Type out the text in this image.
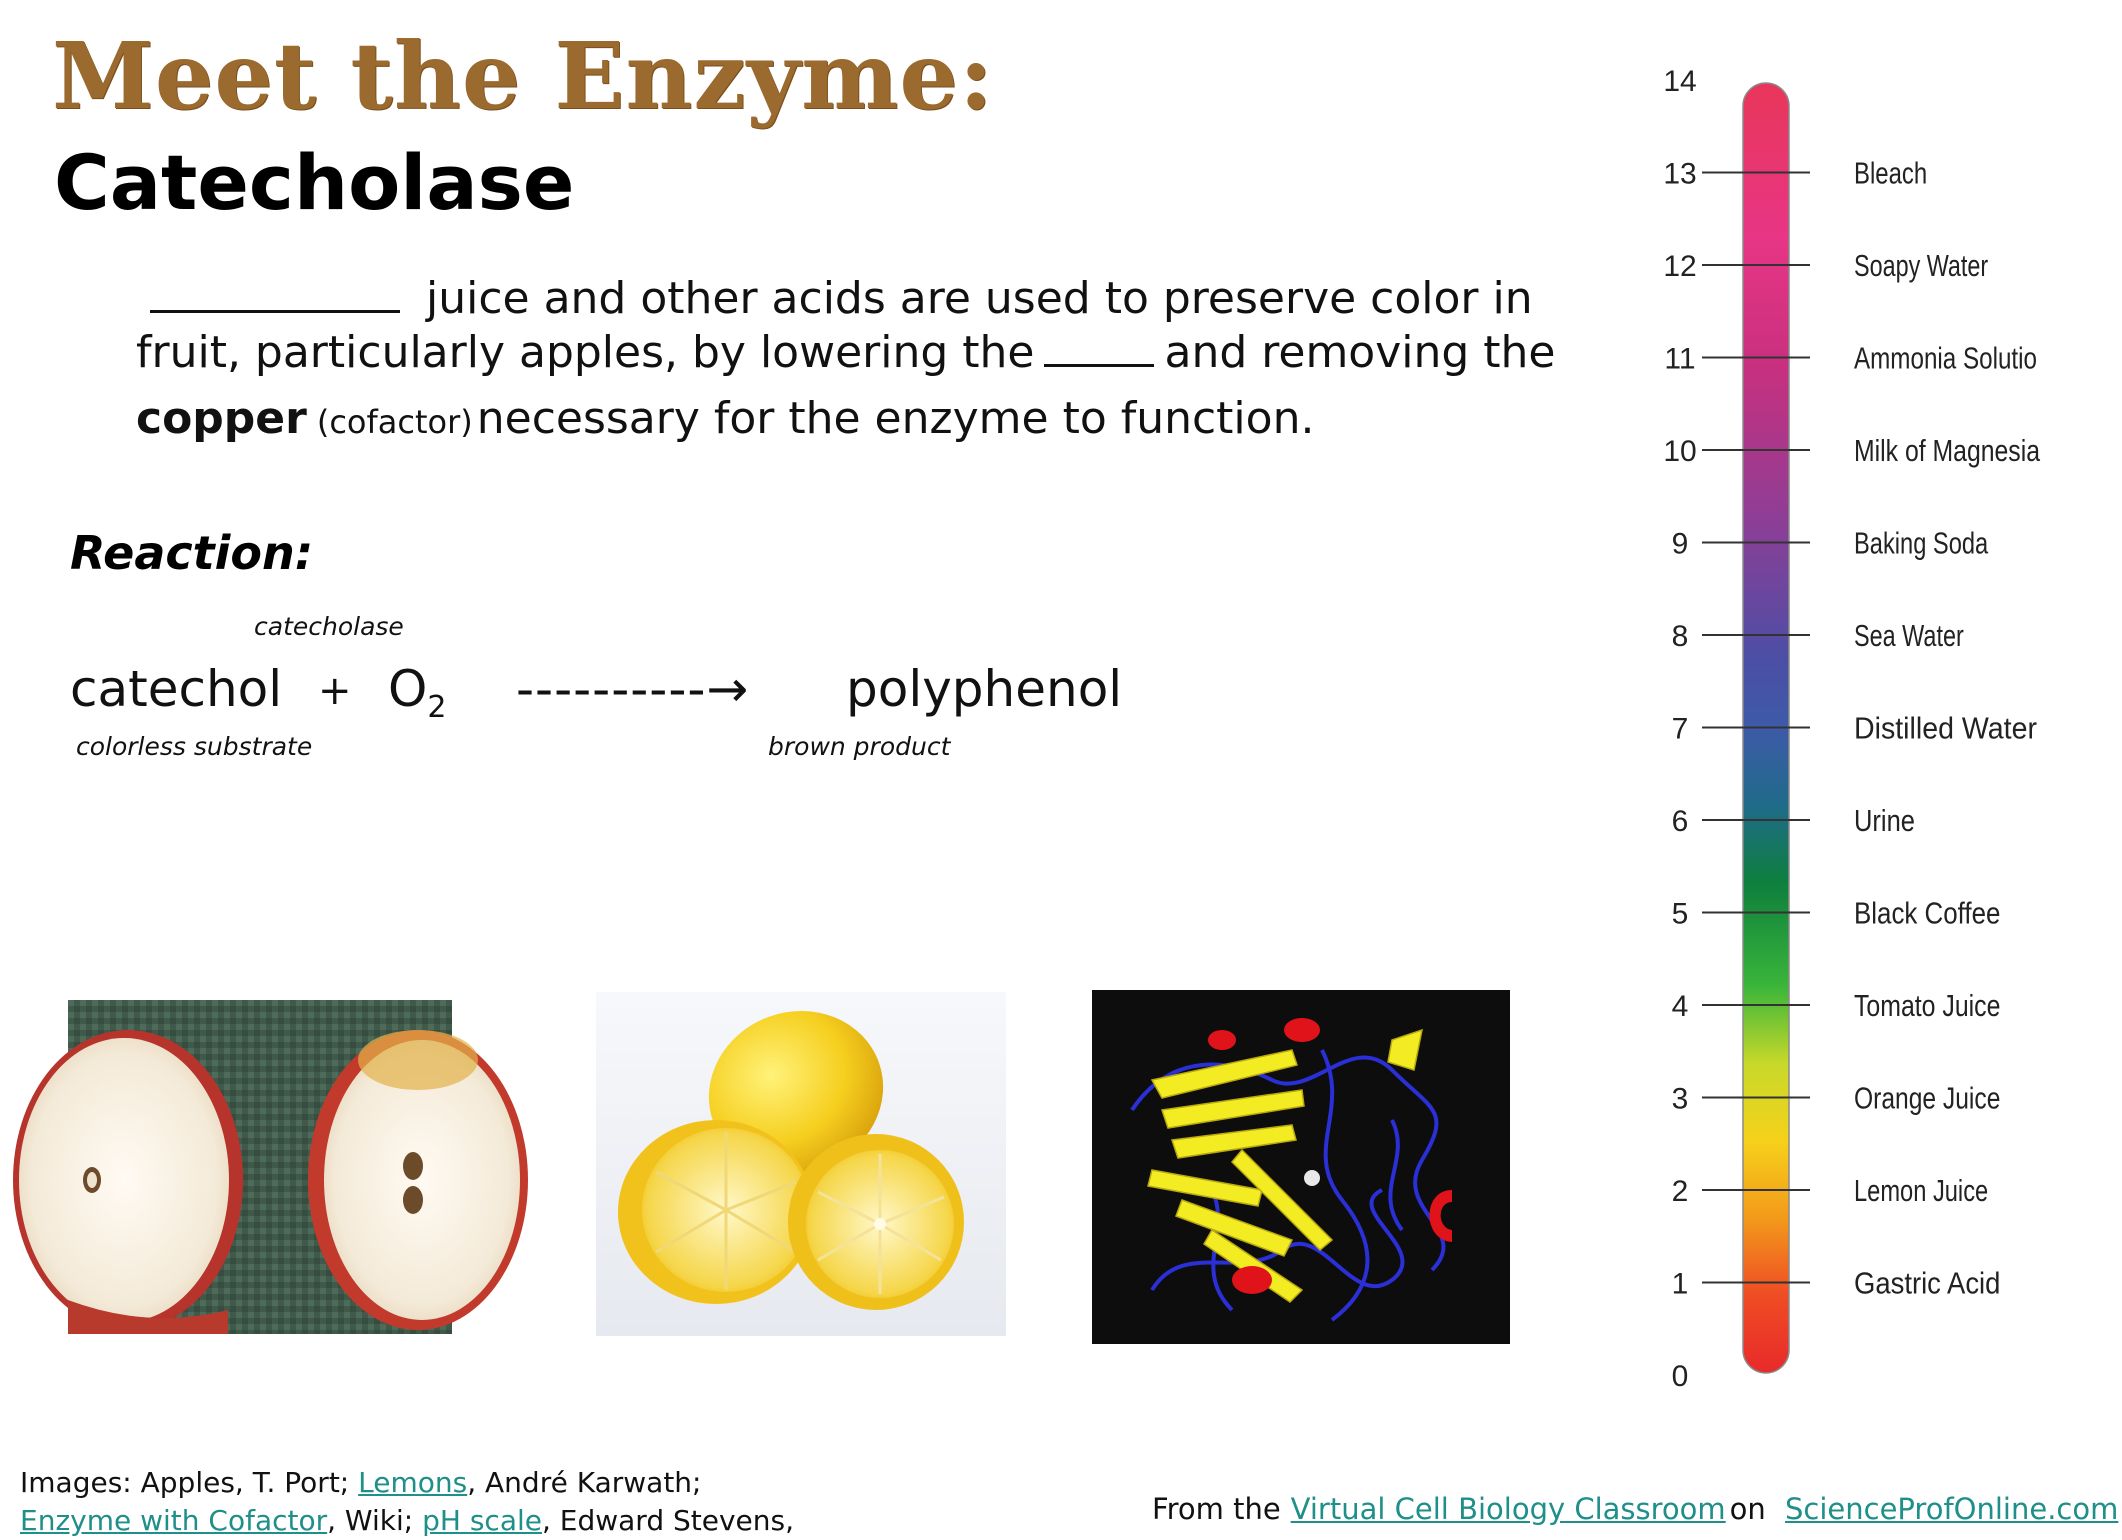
Meet the Enzyme:
Catecholase
juice and other acids are used to preserve color in
fruit, particularly apples, by lowering the	and removing the
copper (cofactor)necessary for the enzyme to function.
Reaction:
catecholase
catechol + $O_2$ ----------→ polyphenol
colorless substrate	brown product
14
13
12
11
10
9
8
7
6
5
4
3
2
1
0
Bleach
Soapy Water
Ammonia Solutio
Milk of Magnesia
Baking Soda
Sea Water
Distilled Water
Urine
Black Coffee
Tomato Juice
Orange Juice
Lemon Juice
Gastric Acid
Images: Apples, T. Port; Lemons, André Karwath;
Enzyme with Cofactor, Wiki; pH scale, Edward Stevens,	From the Virtual Cell Biology Classroom on ScienceProfOnline.com
